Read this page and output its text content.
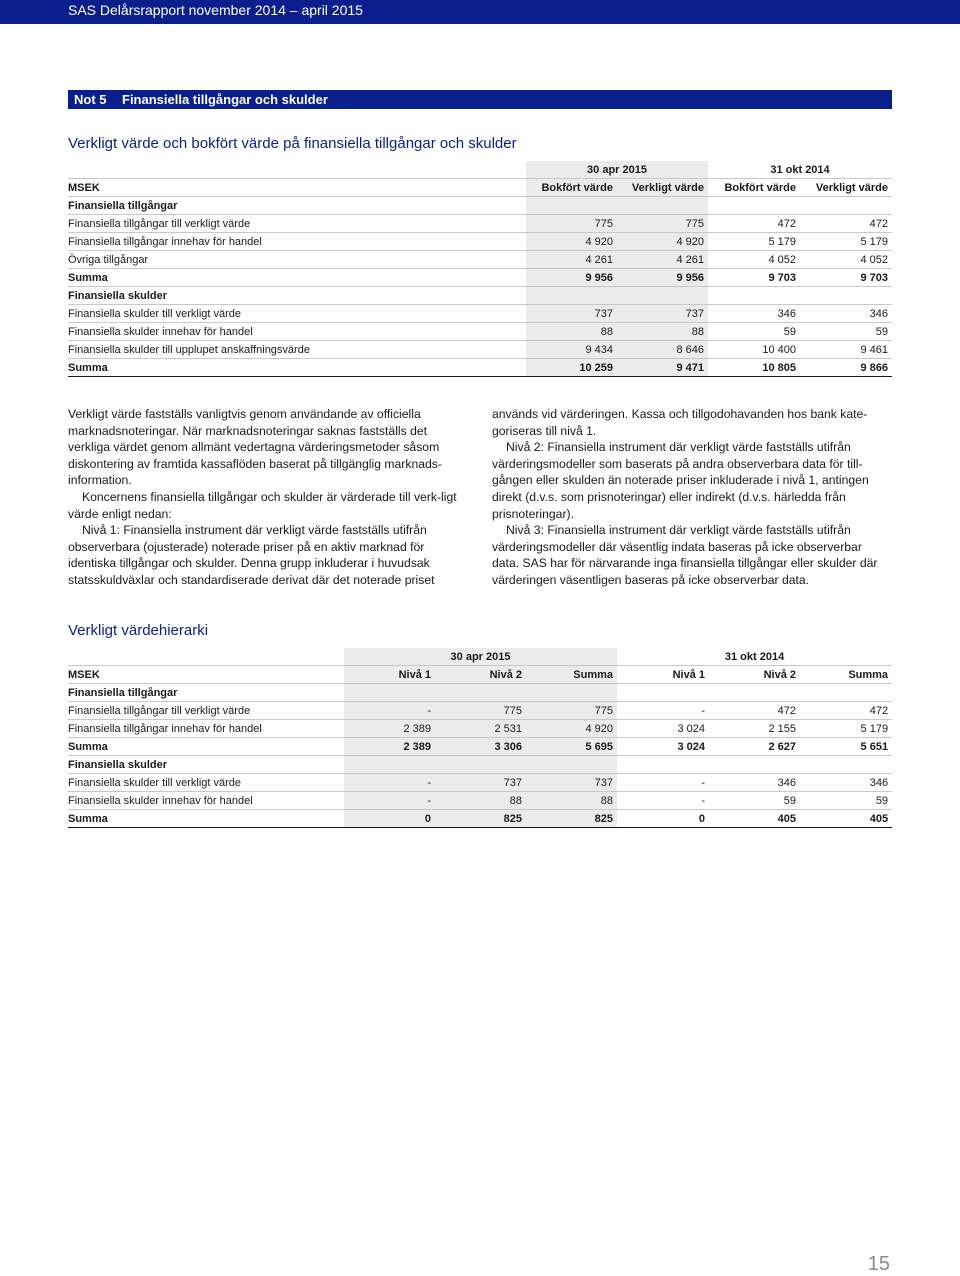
SAS Delårsrapport november 2014 – april 2015
Not 5 Finansiella tillgångar och skulder
Verkligt värde och bokfört värde på finansiella tillgångar och skulder
	30 apr 2015		31 okt 2014	
MSEK	Bokfört värde	Verkligt värde	Bokfört värde	Verkligt värde
Finansiella tillgångar				
Finansiella tillgångar till verkligt värde	775	775	472	472
Finansiella tillgångar innehav för handel	4 920	4 920	5 179	5 179
Övriga tillgångar	4 261	4 261	4 052	4 052
Summa	9 956	9 956	9 703	9 703
Finansiella skulder				
Finansiella skulder till verkligt värde	737	737	346	346
Finansiella skulder innehav för handel	88	88	59	59
Finansiella skulder till upplupet anskaffningsvärde	9 434	8 646	10 400	9 461
Summa	10 259	9 471	10 805	9 866

Verkligt värde fastställs vanligtvis genom användande av officiella marknadsnoteringar. När marknadsnoteringar saknas fastställs det verkliga värdet genom allmänt vedertagna värderingsmetoder såsom diskontering av framtida kassaflöden baserat på tillgänglig marknads-information.

Koncernens finansiella tillgångar och skulder är värderade till verk-ligt värde enligt nedan:

Nivå 1: Finansiella instrument där verkligt värde fastställs utifrån observerbara (ojusterade) noterade priser på en aktiv marknad för identiska tillgångar och skulder. Denna grupp inkluderar i huvudsak statsskuldväxlar och standardiserade derivat där det noterade priset

används vid värderingen. Kassa och tillgodohavanden hos bank kate-goriseras till nivå 1.

Nivå 2: Finansiella instrument där verkligt värde fastställs utifrån värderingsmodeller som baserats på andra observerbara data för till-gången eller skulden än noterade priser inkluderade i nivå 1, antingen direkt (d.v.s. som prisnoteringar) eller indirekt (d.v.s. härledda från prisnoteringar).

Nivå 3: Finansiella instrument där verkligt värde fastställs utifrån värderingsmodeller där väsentlig indata baseras på icke observerbar data. SAS har för närvarande inga finansiella tillgångar eller skulder där värderingen väsentligen baseras på icke observerbar data.

Verkligt värdehierarki
	30 apr 2015			31 okt 2014		
MSEK	Nivå 1	Nivå 2	Summa	Nivå 1	Nivå 2	Summa
Finansiella tillgångar						
Finansiella tillgångar till verkligt värde	-	775	775	-	472	472
Finansiella tillgångar innehav för handel	2 389	2 531	4 920	3 024	2 155	5 179
Summa	2 389	3 306	5 695	3 024	2 627	5 651
Finansiella skulder						
Finansiella skulder till verkligt värde	-	737	737	-	346	346
Finansiella skulder innehav för handel	-	88	88	-	59	59
Summa	0	825	825	0	405	405
15
